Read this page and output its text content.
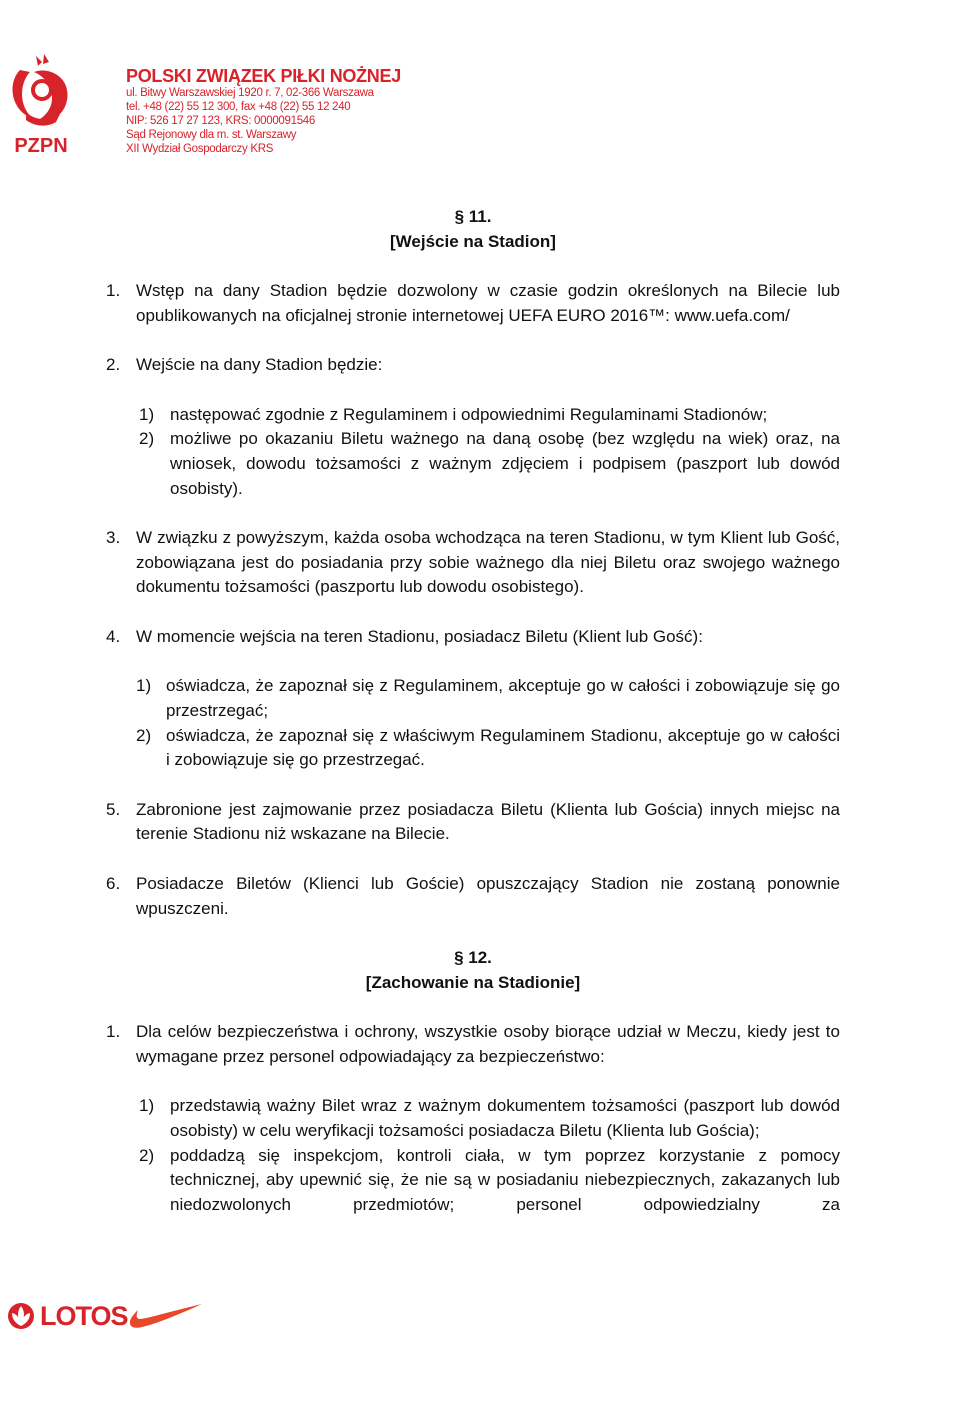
PZPN
POLSKI ZWIĄZEK PIŁKI NOŻNEJ
ul. Bitwy Warszawskiej 1920 r. 7, 02-366 Warszawa
tel. +48 (22) 55 12 300, fax +48 (22) 55 12 240
NIP: 526 17 27 123, KRS: 0000091546
Sąd Rejonowy dla m. st. Warszawy
XII Wydział Gospodarczy KRS
§ 11.
[Wejście na Stadion]
1. Wstęp na dany Stadion będzie dozwolony w czasie godzin określonych na Bilecie lub opublikowanych na oficjalnej stronie internetowej UEFA EURO 2016™: www.uefa.com/
2. Wejście na dany Stadion będzie:
1) następować zgodnie z Regulaminem i odpowiednimi Regulaminami Stadionów;
2) możliwe po okazaniu Biletu ważnego na daną osobę (bez względu na wiek) oraz, na wniosek, dowodu tożsamości z ważnym zdjęciem i podpisem (paszport lub dowód osobisty).
3. W związku z powyższym, każda osoba wchodząca na teren Stadionu, w tym Klient lub Gość, zobowiązana jest do posiadania przy sobie ważnego dla niej Biletu oraz swojego ważnego dokumentu tożsamości (paszportu lub dowodu osobistego).
4. W momencie wejścia na teren Stadionu, posiadacz Biletu (Klient lub Gość):
1) oświadcza, że zapoznał się z Regulaminem, akceptuje go w całości i zobowiązuje się go przestrzegać;
2) oświadcza, że zapoznał się z właściwym Regulaminem Stadionu, akceptuje go w całości i zobowiązuje się go przestrzegać.
5. Zabronione jest zajmowanie przez posiadacza Biletu (Klienta lub Gościa) innych miejsc na terenie Stadionu niż wskazane na Bilecie.
6. Posiadacze Biletów (Klienci lub Goście) opuszczający Stadion nie zostaną ponownie wpuszczeni.
§ 12.
[Zachowanie na Stadionie]
1. Dla celów bezpieczeństwa i ochrony, wszystkie osoby biorące udział w Meczu, kiedy jest to wymagane przez personel odpowiadający za bezpieczeństwo:
1) przedstawią ważny Bilet wraz z ważnym dokumentem tożsamości (paszport lub dowód osobisty) w celu weryfikacji tożsamości posiadacza Biletu (Klienta lub Gościa);
2) poddadzą się inspekcjom, kontroli ciała, w tym poprzez korzystanie z pomocy technicznej, aby upewnić się, że nie są w posiadaniu niebezpiecznych, zakazanych lub niedozwolonych przedmiotów; personel odpowiedzialny za
LOTOS
